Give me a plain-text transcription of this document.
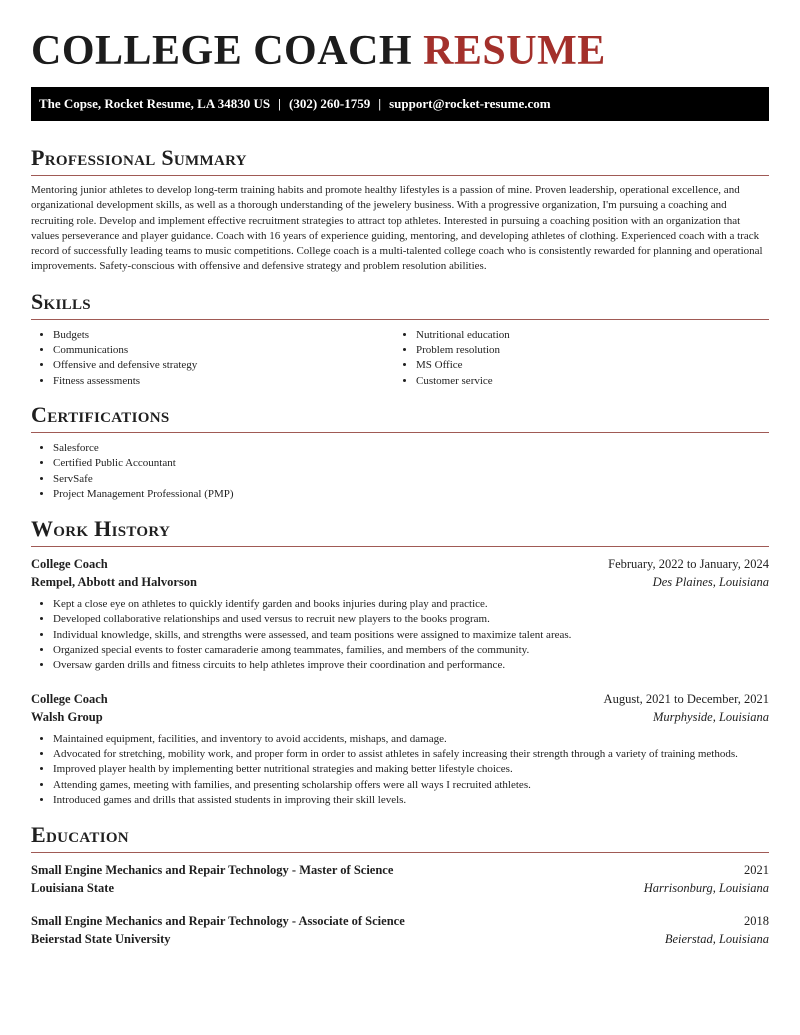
COLLEGE COACH RESUME
The Copse, Rocket Resume, LA 34830 US | (302) 260-1759 | support@rocket-resume.com
Professional Summary
Mentoring junior athletes to develop long-term training habits and promote healthy lifestyles is a passion of mine. Proven leadership, operational excellence, and organizational development skills, as well as a thorough understanding of the jewelery business. With a progressive organization, I'm pursuing a coaching and recruiting role. Develop and implement effective recruitment strategies to attract top athletes. Interested in pursuing a coaching position with an organization that values perseverance and player guidance. Coach with 16 years of experience guiding, mentoring, and developing athletes of clothing. Experienced coach with a track record of successfully leading teams to music competitions. College coach is a multi-talented college coach who is consistently rewarded for planning and operational improvements. Safety-conscious with offensive and defensive strategy and problem resolution abilities.
Skills
• Budgets
• Communications
• Offensive and defensive strategy
• Fitness assessments
• Nutritional education
• Problem resolution
• MS Office
• Customer service
Certifications
• Salesforce
• Certified Public Accountant
• ServSafe
• Project Management Professional (PMP)
Work History
College Coach	February, 2022 to January, 2024
Rempel, Abbott and Halvorson	Des Plaines, Louisiana
• Kept a close eye on athletes to quickly identify garden and books injuries during play and practice.
• Developed collaborative relationships and used versus to recruit new players to the books program.
• Individual knowledge, skills, and strengths were assessed, and team positions were assigned to maximize talent areas.
• Organized special events to foster camaraderie among teammates, families, and members of the community.
• Oversaw garden drills and fitness circuits to help athletes improve their coordination and performance.
College Coach	August, 2021 to December, 2021
Walsh Group	Murphyside, Louisiana
• Maintained equipment, facilities, and inventory to avoid accidents, mishaps, and damage.
• Advocated for stretching, mobility work, and proper form in order to assist athletes in safely increasing their strength through a variety of training methods.
• Improved player health by implementing better nutritional strategies and making better lifestyle choices.
• Attending games, meeting with families, and presenting scholarship offers were all ways I recruited athletes.
• Introduced games and drills that assisted students in improving their skill levels.
Education
Small Engine Mechanics and Repair Technology - Master of Science	2021
Louisiana State	Harrisonburg, Louisiana
Small Engine Mechanics and Repair Technology - Associate of Science	2018
Beierstad State University	Beierstad, Louisiana
